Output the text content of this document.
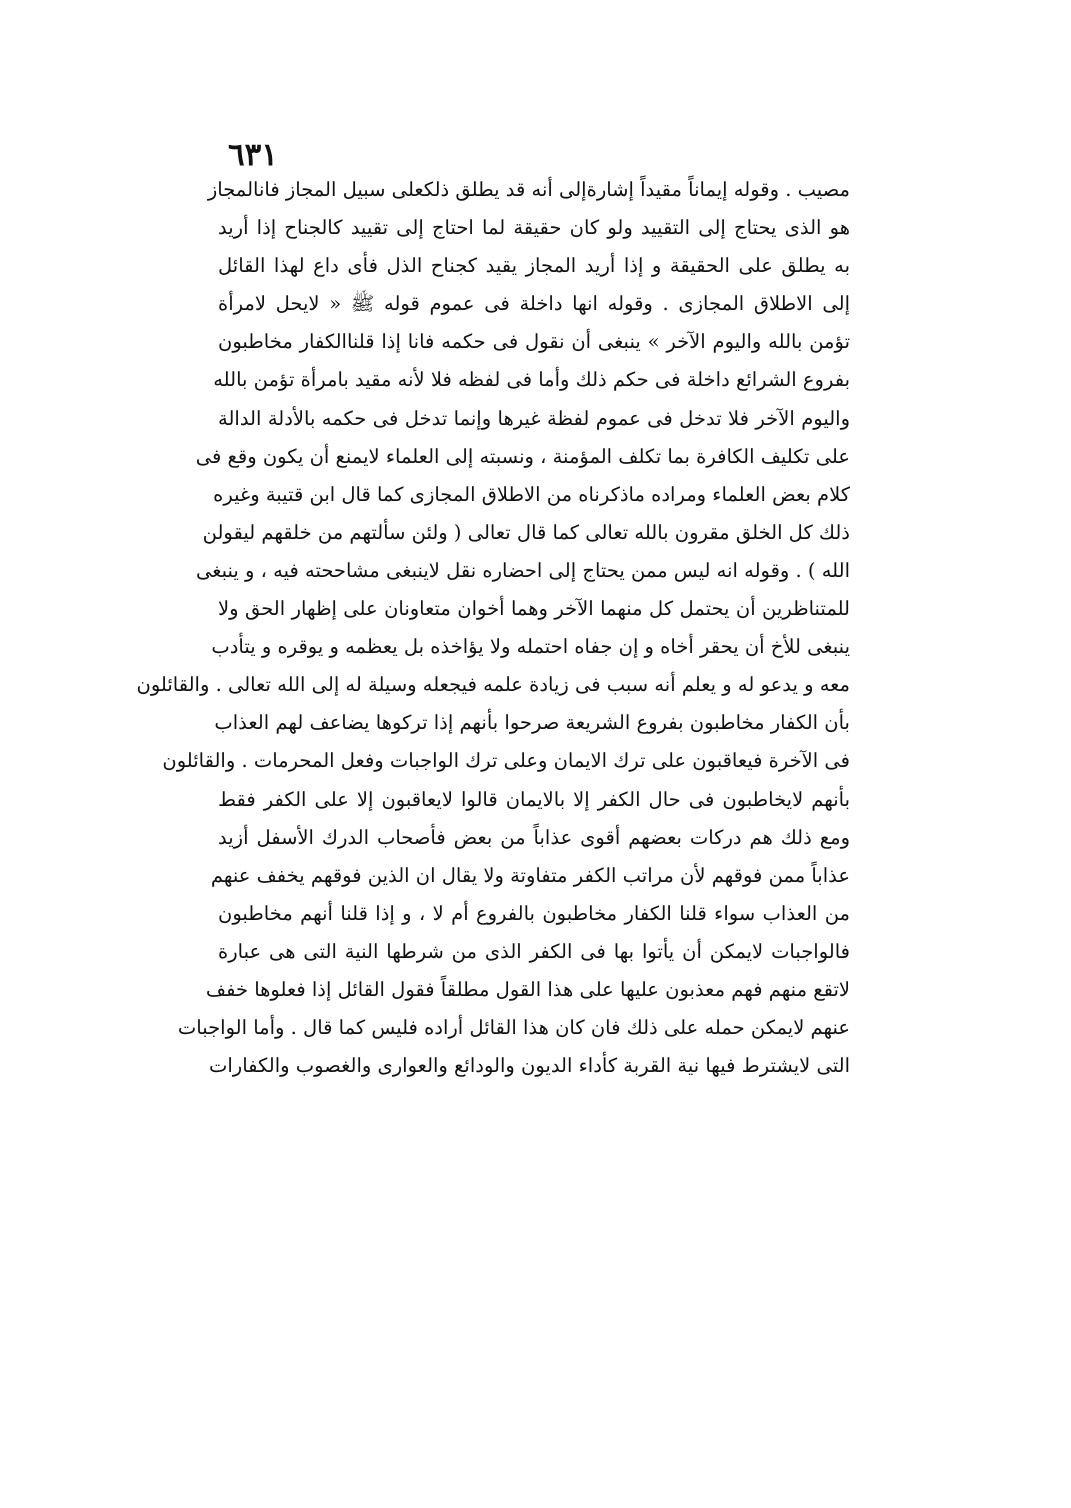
٦٣١
مصيب . وقوله إيماناً مقيداً إشارةإلى أنه قد يطلق ذلكعلى سبيل المجاز فانالمجاز
هو الذى يحتاج إلى التقييد ولو كان حقيقة لما احتاج إلى تقييد كالجناح إذا أريد
به يطلق على الحقيقة و إذا أريد المجاز يقيد كجناح الذل فأى داع لهذا القائل
إلى الاطلاق المجازى . وقوله انها داخلة فى عموم قوله ﷺ « لايحل لامرأة
تؤمن بالله واليوم الآخر » ينبغى أن نقول فى حكمه فانا إذا قلناالكفار مخاطبون
بفروع الشرائع داخلة فى حكم ذلك وأما فى لفظه فلا لأنه مقيد بامرأة تؤمن بالله
واليوم الآخر فلا تدخل فى عموم لفظة غيرها وإنما تدخل فى حكمه بالأدلة الدالة
على تكليف الكافرة بما تكلف المؤمنة ، ونسبته إلى العلماء لايمنع أن يكون وقع فى
كلام بعض العلماء ومراده ماذكرناه من الاطلاق المجازى كما قال ابن قتيبة وغيره
ذلك كل الخلق مقرون بالله تعالى كما قال تعالى ( ولئن سألتهم من خلقهم ليقولن
الله ) . وقوله انه ليس ممن يحتاج إلى احضاره نقل لاينبغى مشاححته فيه ، و ينبغى
للمتناظرين أن يحتمل كل منهما الآخر وهما أخوان متعاونان على إظهار الحق ولا
ينبغى للأخ أن يحقر أخاه و إن جفاه احتمله ولا يؤاخذه بل يعظمه و يوقره و يتأدب
معه و يدعو له و يعلم أنه سبب فى زيادة علمه فيجعله وسيلة له إلى الله تعالى . والقائلون
بأن الكفار مخاطبون بفروع الشريعة صرحوا بأنهم إذا تركوها يضاعف لهم العذاب
فى الآخرة فيعاقبون على ترك الايمان وعلى ترك الواجبات وفعل المحرمات . والقائلون
بأنهم لايخاطبون فى حال الكفر إلا بالايمان قالوا لايعاقبون إلا على الكفر فقط
ومع ذلك هم دركات بعضهم أقوى عذاباً من بعض فأصحاب الدرك الأسفل أزيد
عذاباً ممن فوقهم لأن مراتب الكفر متفاوتة ولا يقال ان الذين فوقهم يخفف عنهم
من العذاب سواء قلنا الكفار مخاطبون بالفروع أم لا ، و إذا قلنا أنهم مخاطبون
فالواجبات لايمكن أن يأتوا بها فى الكفر الذى من شرطها النية التى هى عبارة
لاتقع منهم فهم معذبون عليها على هذا القول مطلقاً فقول القائل إذا فعلوها خفف
عنهم لايمكن حمله على ذلك فان كان هذا القائل أراده فليس كما قال . وأما الواجبات
التى لايشترط فيها نية القربة كأداء الديون والودائع والعوارى والغصوب والكفارات
